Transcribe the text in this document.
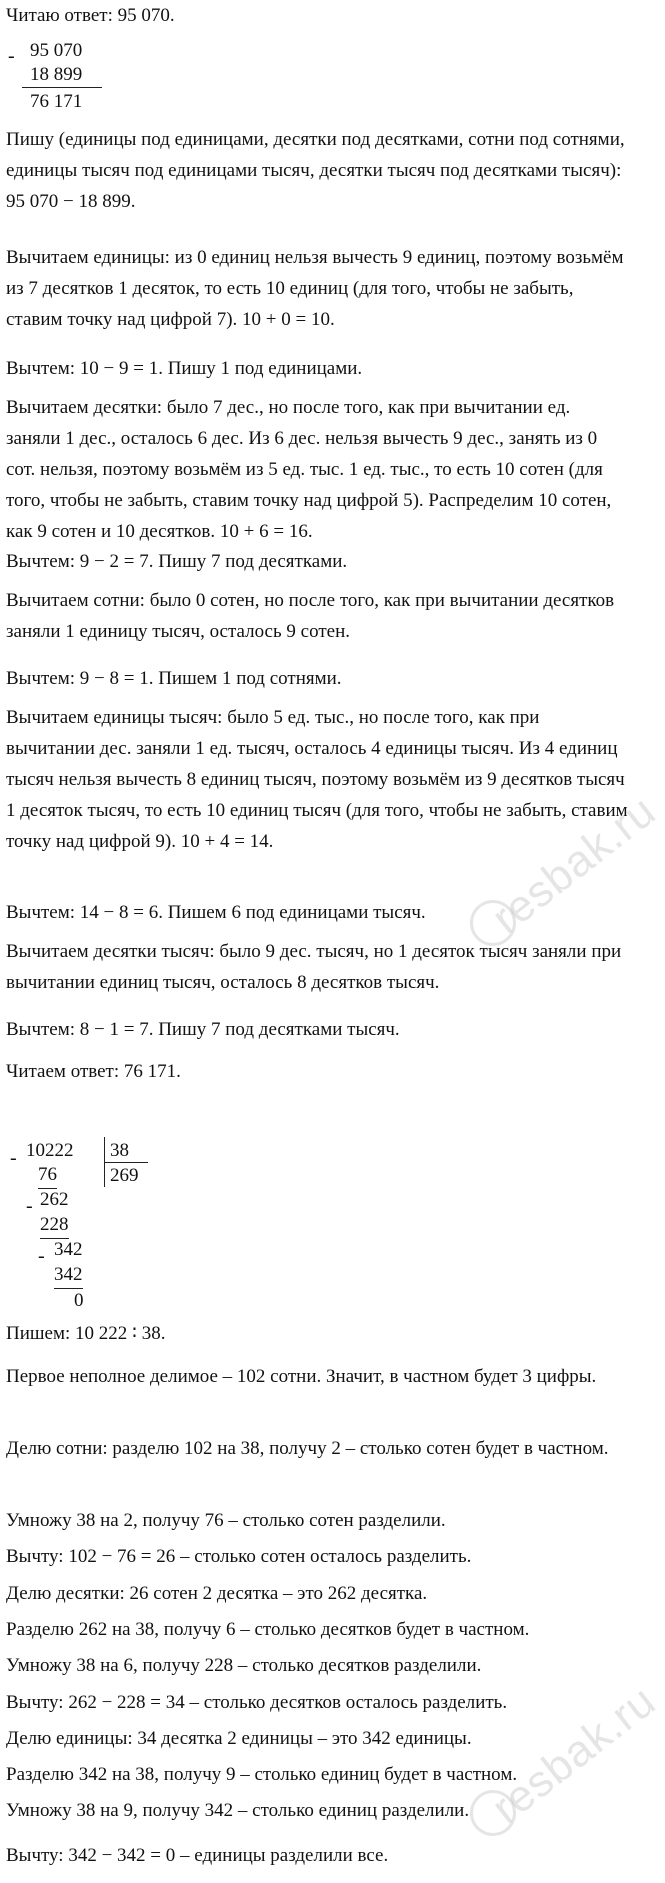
Читаю ответ: 95 070.
- 95 070
18 899
76 171

Пишу (единицы под единицами, десятки под десятками, сотни под сотнями, единицы тысяч под единицами тысяч, десятки тысяч под десятками тысяч): 95 070 − 18 899.

Вычитаем единицы: из 0 единиц нельзя вычесть 9 единиц, поэтому возьмём из 7 десятков 1 десяток, то есть 10 единиц (для того, чтобы не забыть, ставим точку над цифрой 7). 10 + 0 = 10.

Вычтем: 10 − 9 = 1. Пишу 1 под единицами.

Вычитаем десятки: было 7 дес., но после того, как при вычитании ед. заняли 1 дес., осталось 6 дес. Из 6 дес. нельзя вычесть 9 дес., занять из 0 сот. нельзя, поэтому возьмём из 5 ед. тыс. 1 ед. тыс., то есть 10 сотен (для того, чтобы не забыть, ставим точку над цифрой 5). Распределим 10 сотен, как 9 сотен и 10 десятков. 10 + 6 = 16.

Вычтем: 9 − 2 = 7. Пишу 7 под десятками.

Вычитаем сотни: было 0 сотен, но после того, как при вычитании десятков заняли 1 единицу тысяч, осталось 9 сотен.

Вычтем: 9 − 8 = 1. Пишем 1 под сотнями.

Вычитаем единицы тысяч: было 5 ед. тыс., но после того, как при вычитании дес. заняли 1 ед. тысяч, осталось 4 единицы тысяч. Из 4 единиц тысяч нельзя вычесть 8 единиц тысяч, поэтому возьмём из 9 десятков тысяч 1 десяток тысяч, то есть 10 единиц тысяч (для того, чтобы не забыть, ставим точку над цифрой 9). 10 + 4 = 14.

Вычтем: 14 − 8 = 6. Пишем 6 под единицами тысяч.

Вычитаем десятки тысяч: было 9 дес. тысяч, но 1 десяток тысяч заняли при вычитании единиц тысяч, осталось 8 десятков тысяч.

Вычтем: 8 − 1 = 7. Пишу 7 под десятками тысяч.

Читаем ответ: 76 171.

- 10222 38
269
76
- 262
228
- 342
342
0

Пишем: 10 222 ∶ 38.

Первое неполное делимое – 102 сотни. Значит, в частном будет 3 цифры.

Делю сотни: разделю 102 на 38, получу 2 – столько сотен будет в частном.

Умножу 38 на 2, получу 76 – столько сотен разделили.

Вычту: 102 − 76 = 26 – столько сотен осталось разделить.

Делю десятки: 26 сотен 2 десятка – это 262 десятка.

Разделю 262 на 38, получу 6 – столько десятков будет в частном.

Умножу 38 на 6, получу 228 – столько десятков разделили.

Вычту: 262 − 228 = 34 – столько десятков осталось разделить.

Делю единицы: 34 десятка 2 единицы – это 342 единицы.

Разделю 342 на 38, получу 9 – столько единиц будет в частном.

Умножу 38 на 9, получу 342 – столько единиц разделили.

Вычту: 342 − 342 = 0 – единицы разделили все.

resbak.ru
resbak.ru
